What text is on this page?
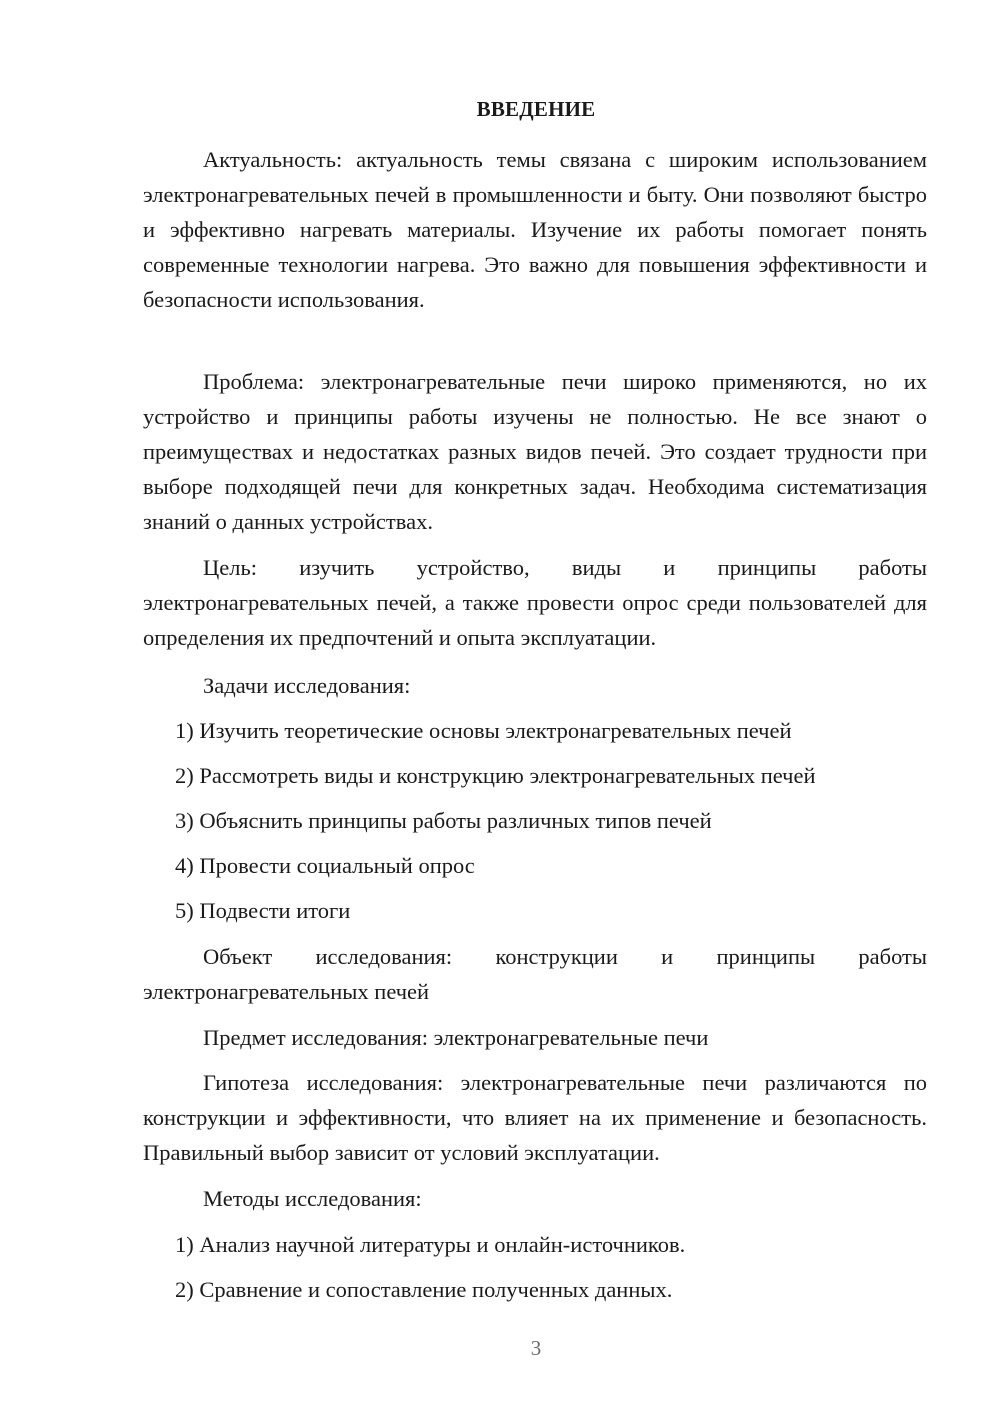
ВВЕДЕНИЕ

Актуальность: актуальность темы связана с широким использованием электронагревательных печей в промышленности и быту. Они позволяют быстро и эффективно нагревать материалы. Изучение их работы помогает понять современные технологии нагрева. Это важно для повышения эффективности и безопасности использования.

Проблема: электронагревательные печи широко применяются, но их устройство и принципы работы изучены не полностью. Не все знают о преимуществах и недостатках разных видов печей. Это создает трудности при выборе подходящей печи для конкретных задач. Необходима систематизация знаний о данных устройствах.

Цель: изучить устройство, виды и принципы работы электронагревательных печей, а также провести опрос среди пользователей для определения их предпочтений и опыта эксплуатации.

Задачи исследования:

1) Изучить теоретические основы электронагревательных печей
2) Рассмотреть виды и конструкцию электронагревательных печей
3) Объяснить принципы работы различных типов печей
4) Провести социальный опрос
5) Подвести итоги

Объект исследования: конструкции и принципы работы электронагревательных печей

Предмет исследования: электронагревательные печи

Гипотеза исследования: электронагревательные печи различаются по конструкции и эффективности, что влияет на их применение и безопасность. Правильный выбор зависит от условий эксплуатации.

Методы исследования:

1) Анализ научной литературы и онлайн-источников.
2) Сравнение и сопоставление полученных данных.
3
